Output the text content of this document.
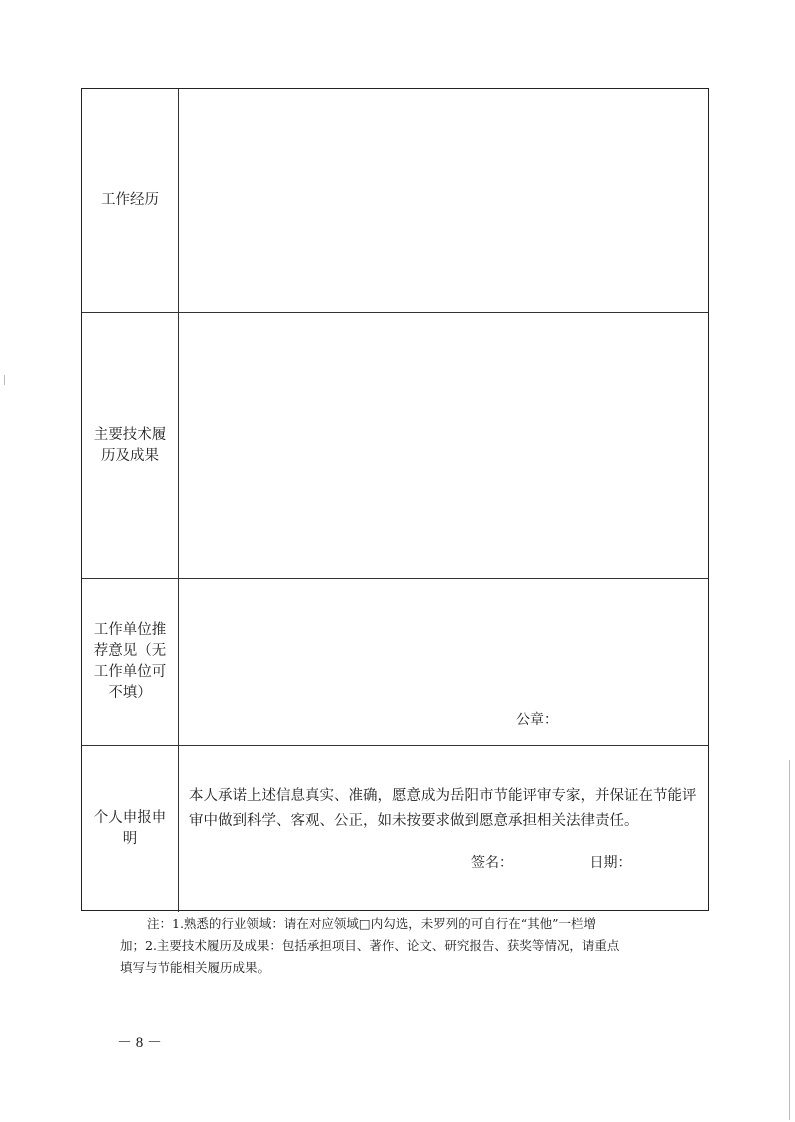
工作经历
主要技术履历及成果
工作单位推荐意见（无工作单位可不填）
公章：
个人申报申明
本人承诺上述信息真实、准确，愿意成为岳阳市节能评审专家，并保证在节能评审中做到科学、客观、公正，如未按要求做到愿意承担相关法律责任。
签名：	日期：
注：1.熟悉的行业领域：请在对应领域□内勾选，未罗列的可自行在“其他”一栏增
加；2.主要技术履历及成果：包括承担项目、著作、论文、研究报告、获奖等情况，请重点
填写与节能相关履历成果。
－ 8 －
